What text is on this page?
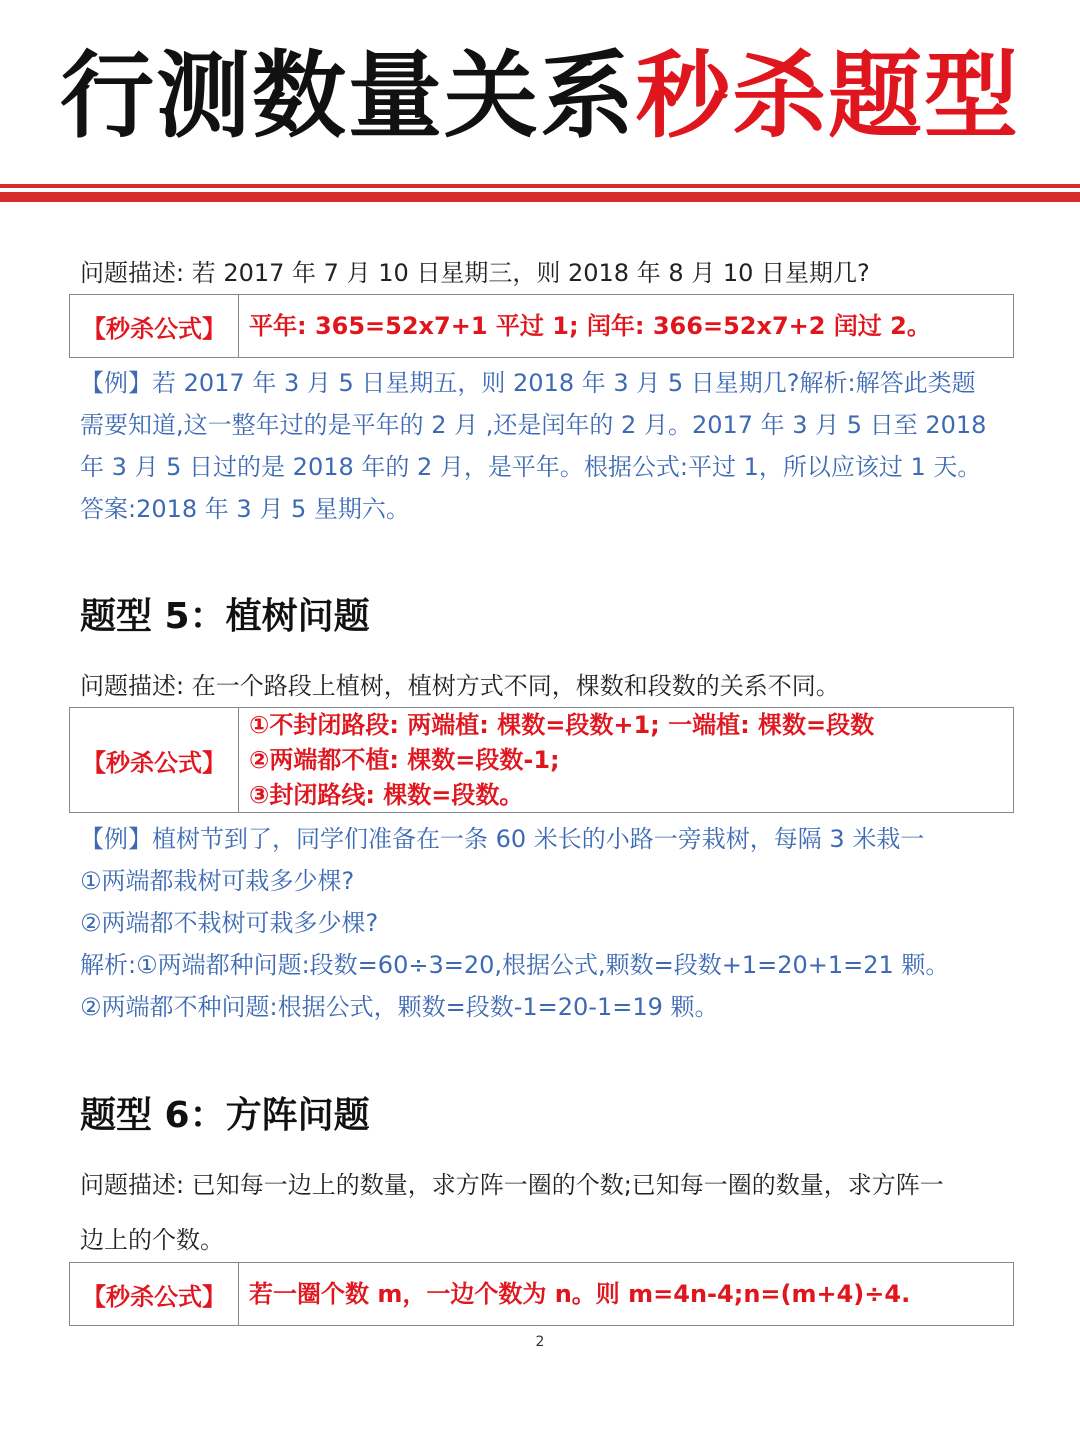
行测数量关系秒杀题型
问题描述: 若 2017 年 7 月 10 日星期三，则 2018 年 8 月 10 日星期几?
【秒杀公式】 平年: 365=52x7+1 平过 1; 闰年: 366=52x7+2 闰过 2。
【例】若 2017 年 3 月 5 日星期五，则 2018 年 3 月 5 日星期几?解析:解答此类题
需要知道,这一整年过的是平年的 2 月 ,还是闰年的 2 月。2017 年 3 月 5 日至 2018
年 3 月 5 日过的是 2018 年的 2 月，是平年。根据公式:平过 1，所以应该过 1 天。
答案:2018 年 3 月 5 星期六。
题型 5：植树问题
问题描述: 在一个路段上植树，植树方式不同，棵数和段数的关系不同。
【秒杀公式】
①不封闭路段: 两端植: 棵数=段数+1; 一端植: 棵数=段数
②两端都不植: 棵数=段数-1;
③封闭路线: 棵数=段数。
【例】植树节到了，同学们准备在一条 60 米长的小路一旁栽树，每隔 3 米栽一
①两端都栽树可栽多少棵?
②两端都不栽树可栽多少棵?
解析:①两端都种问题:段数=60÷3=20,根据公式,颗数=段数+1=20+1=21 颗。
②两端都不种问题:根据公式，颗数=段数-1=20-1=19 颗。
题型 6：方阵问题
问题描述: 已知每一边上的数量，求方阵一圈的个数;已知每一圈的数量，求方阵一
边上的个数。
【秒杀公式】 若一圈个数 m，一边个数为 n。则 m=4n-4;n=(m+4)÷4.
2
